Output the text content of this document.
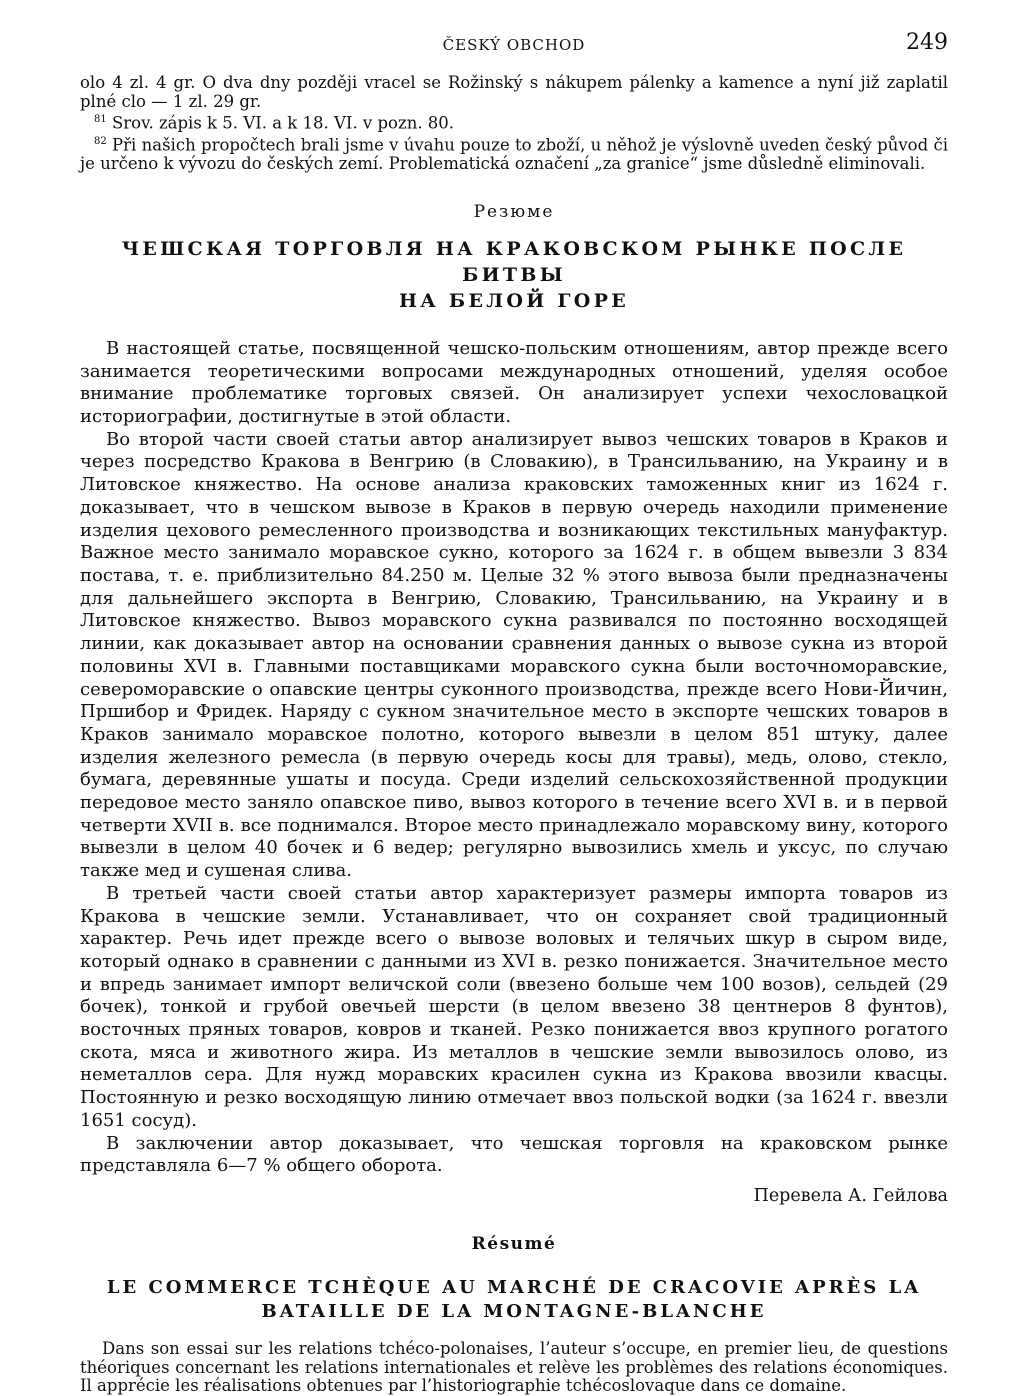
ČESKÝ OBCHOD	249

olo 4 zl. 4 gr. O dva dny později vracel se Rožinský s nákupem pálenky a kamence a nyní již zaplatil plné clo — 1 zl. 29 gr.

$^{81}$ Srov. zápis k 5. VI. a k 18. VI. v pozn. 80.

$^{82}$ Při našich propočtech brali jsme v úvahu pouze to zboží, u něhož je výslovně uveden český původ či je určeno k vývozu do českých zemí. Problematická označení „za granice“ jsme důsledně eliminovali.

Резюме
ЧЕШСКАЯ ТОРГОВЛЯ НА КРАКОВСКОМ РЫНКЕ ПОСЛЕ БИТВЫ
НА БЕЛОЙ ГОРЕ

В настоящей статье, посвященной чешско-польским отношениям, автор прежде всего занимается теоретическими вопросами международных отношений, уделяя особое внимание проблематике торговых связей. Он анализирует успехи чехословацкой историографии, достигнутые в этой области.

Во второй части своей статьи автор анализирует вывоз чешских товаров в Краков и через посредство Кракова в Венгрию (в Словакию), в Трансильванию, на Украину и в Литовское княжество. На основе анализа краковских таможенных книг из 1624 г. доказывает, что в чешском вывозе в Краков в первую очередь находили применение изделия цехового ремесленного производства и возникающих текстильных мануфактур. Важное место занимало моравское сукно, которого за 1624 г. в общем вывезли 3 834 постава, т. е. приблизительно 84.250 м. Целые 32 % этого вывоза были предназначены для дальнейшего экспорта в Венгрию, Словакию, Трансильванию, на Украину и в Литовское княжество. Вывоз моравского сукна развивался по постоянно восходящей линии, как доказывает автор на основании сравнения данных о вывозе сукна из второй половины XVI в. Главными поставщиками моравского сукна были восточноморавские, североморавские о опавские центры суконного производства, прежде всего Нови-Йичин, Пршибор и Фридек. Наряду с сукном значительное место в экспорте чешских товаров в Краков занимало моравское полотно, которого вывезли в целом 851 штуку, далее изделия железного ремесла (в первую очередь косы для травы), медь, олово, стекло, бумага, деревянные ушаты и посуда. Среди изделий сельскохозяйственной продукции передовое место заняло опавское пиво, вывоз которого в течение всего XVI в. и в первой четверти XVII в. все поднимался. Второе место принадлежало моравскому вину, которого вывезли в целом 40 бочек и 6 ведер; регулярно вывозились хмель и уксус, по случаю также мед и сушеная слива.

В третьей части своей статьи автор характеризует размеры импорта товаров из Кракова в чешские земли. Устанавливает, что он сохраняет свой традиционный характер. Речь идет прежде всего о вывозе воловых и телячьих шкур в сыром виде, который однако в сравнении с данными из XVI в. резко понижается. Значительное место и впредь занимает импорт величской соли (ввезено больше чем 100 возов), сельдей (29 бочек), тонкой и грубой овечьей шерсти (в целом ввезено 38 центнеров 8 фунтов), восточных пряных товаров, ковров и тканей. Резко понижается ввоз крупного рогатого скота, мяса и животного жира. Из металлов в чешские земли вывозилось олово, из неметаллов сера. Для нужд моравских красилен сукна из Кракова ввозили квасцы. Постоянную и резко восходящую линию отмечает ввоз польской водки (за 1624 г. ввезли 1651 сосуд).

В заключении автор доказывает, что чешская торговля на краковском рынке представляла 6—7 % общего оборота.

Перевела А. Гейлова

Résumé
LE COMMERCE TCHÈQUE AU MARCHÉ DE CRACOVIE APRÈS LA
BATAILLE DE LA MONTAGNE-BLANCHE

Dans son essai sur les relations tchéco-polonaises, l’auteur s’occupe, en premier lieu, de questions théoriques concernant les relations internationales et relève les problèmes des relations économiques. Il apprécie les réalisations obtenues par l’historiographie tchécoslovaque dans ce domaine.
